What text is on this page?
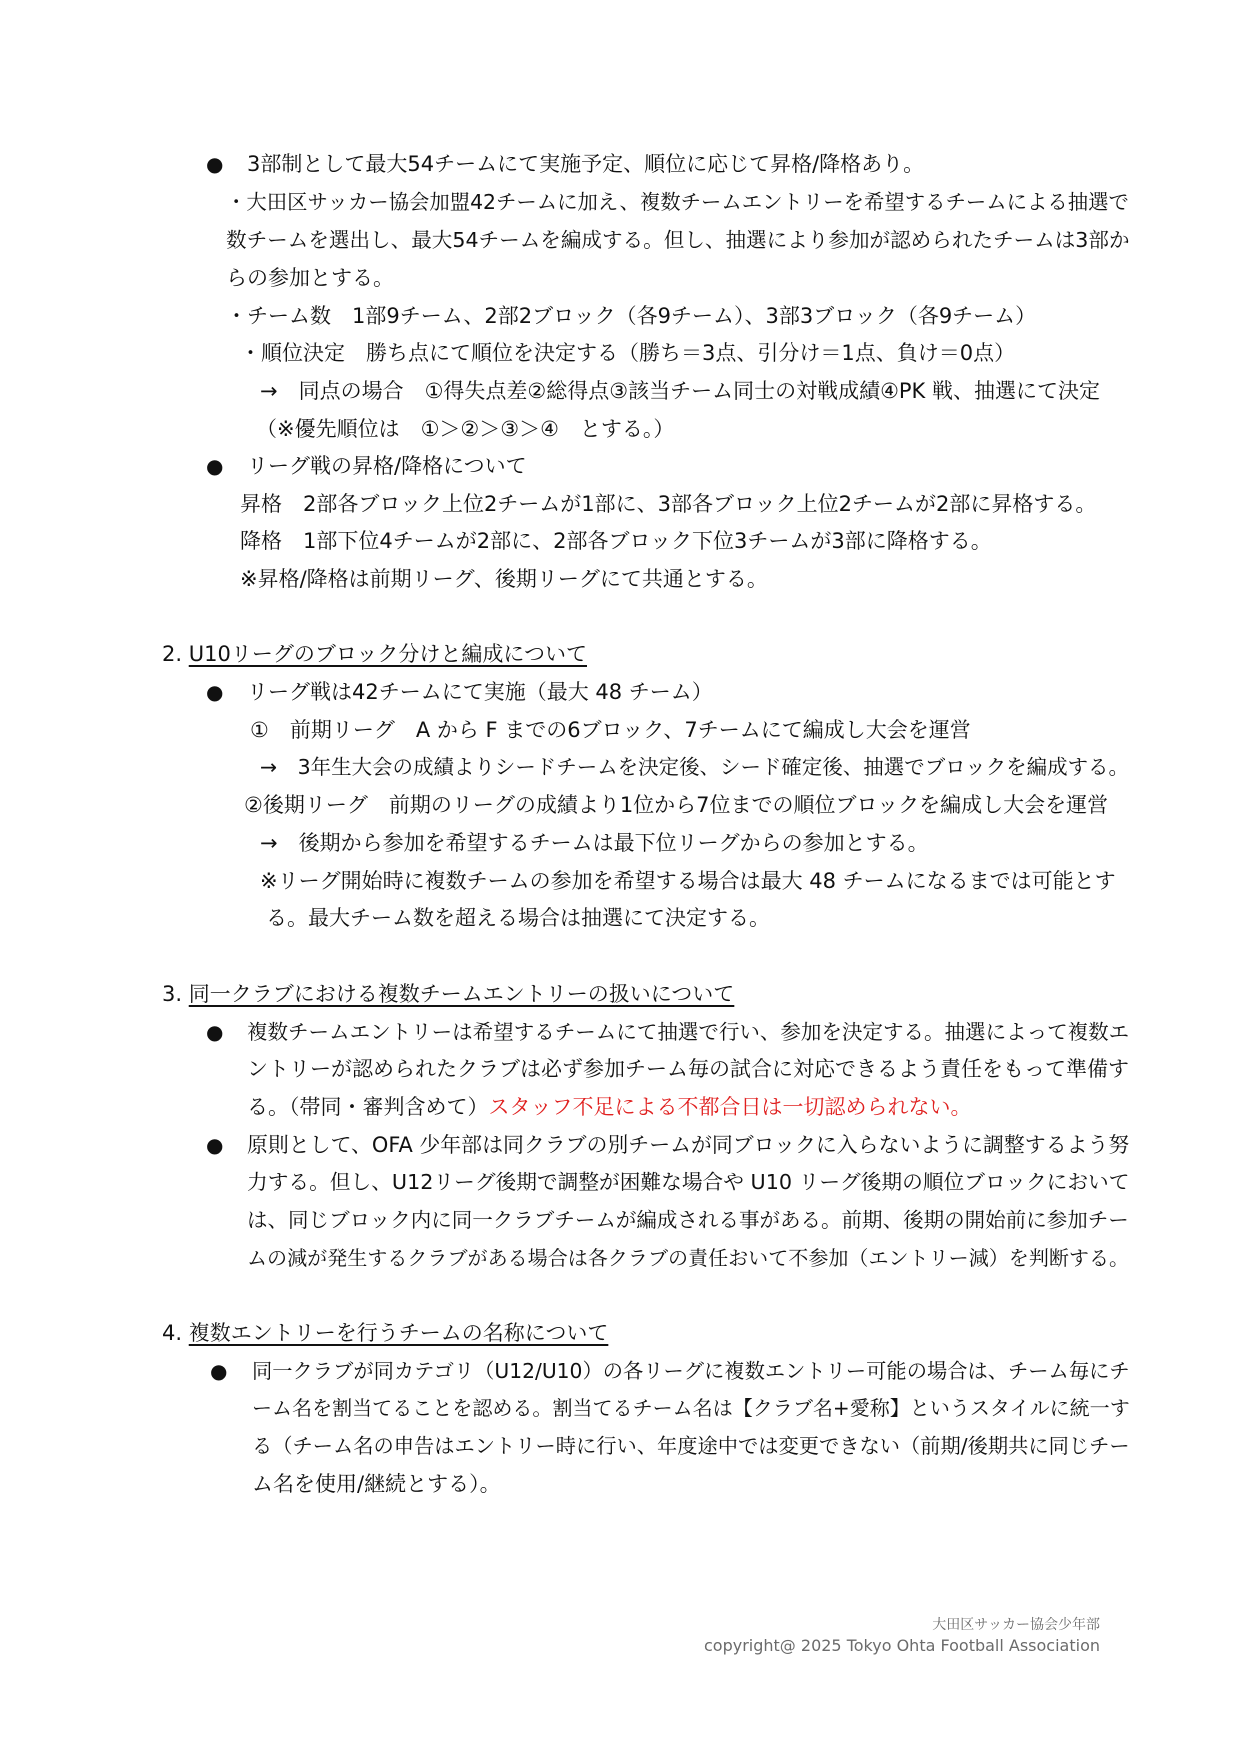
● 3部制として最大54チームにて実施予定、順位に応じて昇格/降格あり。
・大田区サッカー協会加盟42チームに加え、複数チームエントリーを希望するチームによる抽選で
数チームを選出し、最大54チームを編成する。但し、抽選により参加が認められたチームは3部か
らの参加とする。
・チーム数　1部9チーム、2部2ブロック（各9チーム）、3部3ブロック（各9チーム）
・順位決定　勝ち点にて順位を決定する（勝ち＝3点、引分け＝1点、負け＝0点）
→　同点の場合　①得失点差②総得点③該当チーム同士の対戦成績④PK 戦、抽選にて決定
（※優先順位は　①＞②＞③＞④　とする。）
● リーグ戦の昇格/降格について
昇格　2部各ブロック上位2チームが1部に、3部各ブロック上位2チームが2部に昇格する。
降格　1部下位4チームが2部に、2部各ブロック下位3チームが3部に降格する。
※昇格/降格は前期リーグ、後期リーグにて共通とする。
2. U10リーグのブロック分けと編成について
● リーグ戦は42チームにて実施（最大 48 チーム）
①　前期リーグ　A から F までの6ブロック、7チームにて編成し大会を運営
→　3年生大会の成績よりシードチームを決定後、シード確定後、抽選でブロックを編成する。
②後期リーグ　前期のリーグの成績より1位から7位までの順位ブロックを編成し大会を運営
→　後期から参加を希望するチームは最下位リーグからの参加とする。
※リーグ開始時に複数チームの参加を希望する場合は最大 48 チームになるまでは可能とす
る。最大チーム数を超える場合は抽選にて決定する。
3. 同一クラブにおける複数チームエントリーの扱いについて
● 複数チームエントリーは希望するチームにて抽選で行い、参加を決定する。抽選によって複数エ
ントリーが認められたクラブは必ず参加チーム毎の試合に対応できるよう責任をもって準備す
る。（帯同・審判含めて）スタッフ不足による不都合日は一切認められない。
● 原則として、OFA 少年部は同クラブの別チームが同ブロックに入らないように調整するよう努
力する。但し、U12リーグ後期で調整が困難な場合や U10 リーグ後期の順位ブロックにおいて
は、同じブロック内に同一クラブチームが編成される事がある。前期、後期の開始前に参加チー
ムの減が発生するクラブがある場合は各クラブの責任おいて不参加（エントリー減）を判断する。
4. 複数エントリーを行うチームの名称について
● 同一クラブが同カテゴリ（U12/U10）の各リーグに複数エントリー可能の場合は、チーム毎にチ
ーム名を割当てることを認める。割当てるチーム名は【クラブ名+愛称】というスタイルに統一す
る（チーム名の申告はエントリー時に行い、年度途中では変更できない（前期/後期共に同じチー
ム名を使用/継続とする）。
大田区サッカー協会少年部
copyright@ 2025 Tokyo Ohta Football Association
